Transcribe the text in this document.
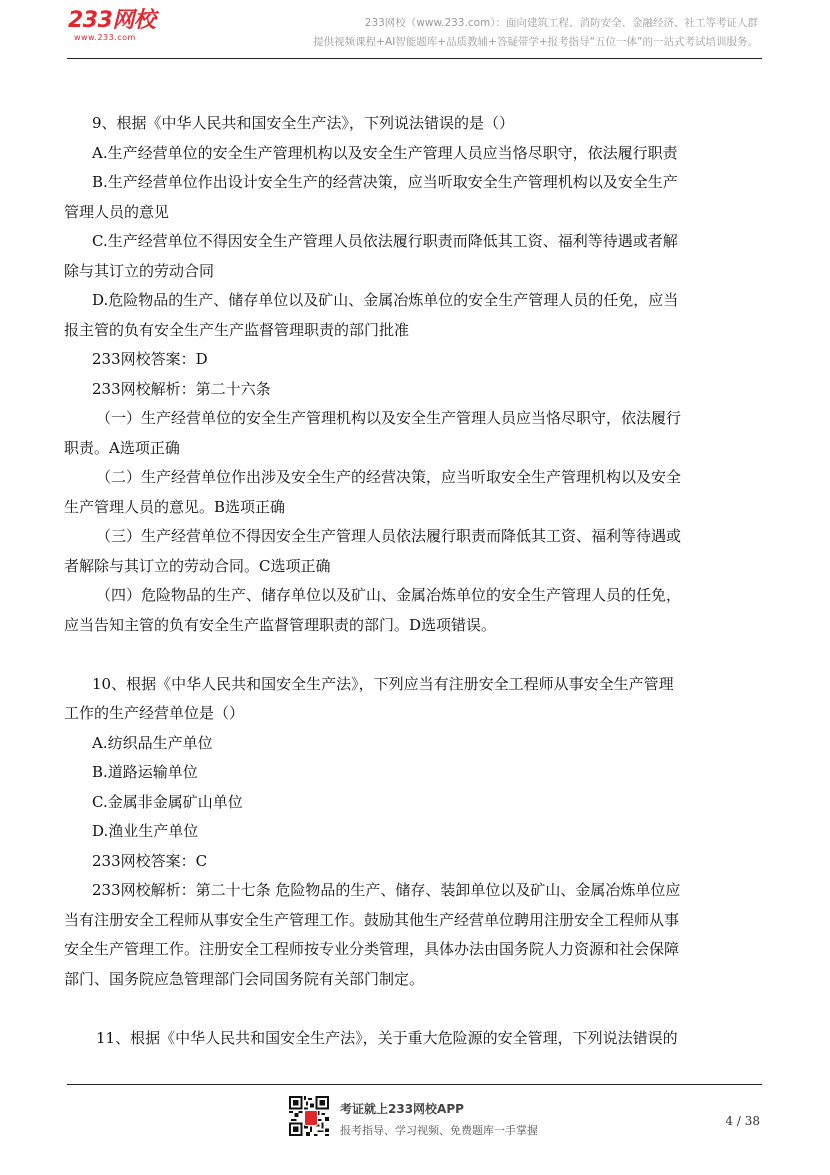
233网校
www.233.com
233网校（www.233.com）：面向建筑工程、消防安全、金融经济、社工等考证人群
提供视频课程+AI智能题库+品质教辅+答疑带学+报考指导“五位一体”的一站式考试培训服务。
9、根据《中华人民共和国安全生产法》，下列说法错误的是（）
A.生产经营单位的安全生产管理机构以及安全生产管理人员应当恪尽职守，依法履行职责
B.生产经营单位作出设计安全生产的经营决策，应当听取安全生产管理机构以及安全生产
管理人员的意见
C.生产经营单位不得因安全生产管理人员依法履行职责而降低其工资、福利等待遇或者解
除与其订立的劳动合同
D.危险物品的生产、储存单位以及矿山、金属冶炼单位的安全生产管理人员的任免，应当
报主管的负有安全生产生产监督管理职责的部门批准
233网校答案：D
233网校解析：第二十六条
（一）生产经营单位的安全生产管理机构以及安全生产管理人员应当恪尽职守，依法履行
职责。A选项正确
（二）生产经营单位作出涉及安全生产的经营决策，应当听取安全生产管理机构以及安全
生产管理人员的意见。B选项正确
（三）生产经营单位不得因安全生产管理人员依法履行职责而降低其工资、福利等待遇或
者解除与其订立的劳动合同。C选项正确
（四）危险物品的生产、储存单位以及矿山、金属冶炼单位的安全生产管理人员的任免，
应当告知主管的负有安全生产监督管理职责的部门。D选项错误。
10、根据《中华人民共和国安全生产法》，下列应当有注册安全工程师从事安全生产管理
工作的生产经营单位是（）
A.纺织品生产单位
B.道路运输单位
C.金属非金属矿山单位
D.渔业生产单位
233网校答案：C
233网校解析：第二十七条 危险物品的生产、储存、装卸单位以及矿山、金属冶炼单位应
当有注册安全工程师从事安全生产管理工作。鼓励其他生产经营单位聘用注册安全工程师从事
安全生产管理工作。注册安全工程师按专业分类管理，具体办法由国务院人力资源和社会保障
部门、国务院应急管理部门会同国务院有关部门制定。
11、根据《中华人民共和国安全生产法》，关于重大危险源的安全管理，下列说法错误的
考证就上233网校APP
报考指导、学习视频、免费题库一手掌握
4 / 38
